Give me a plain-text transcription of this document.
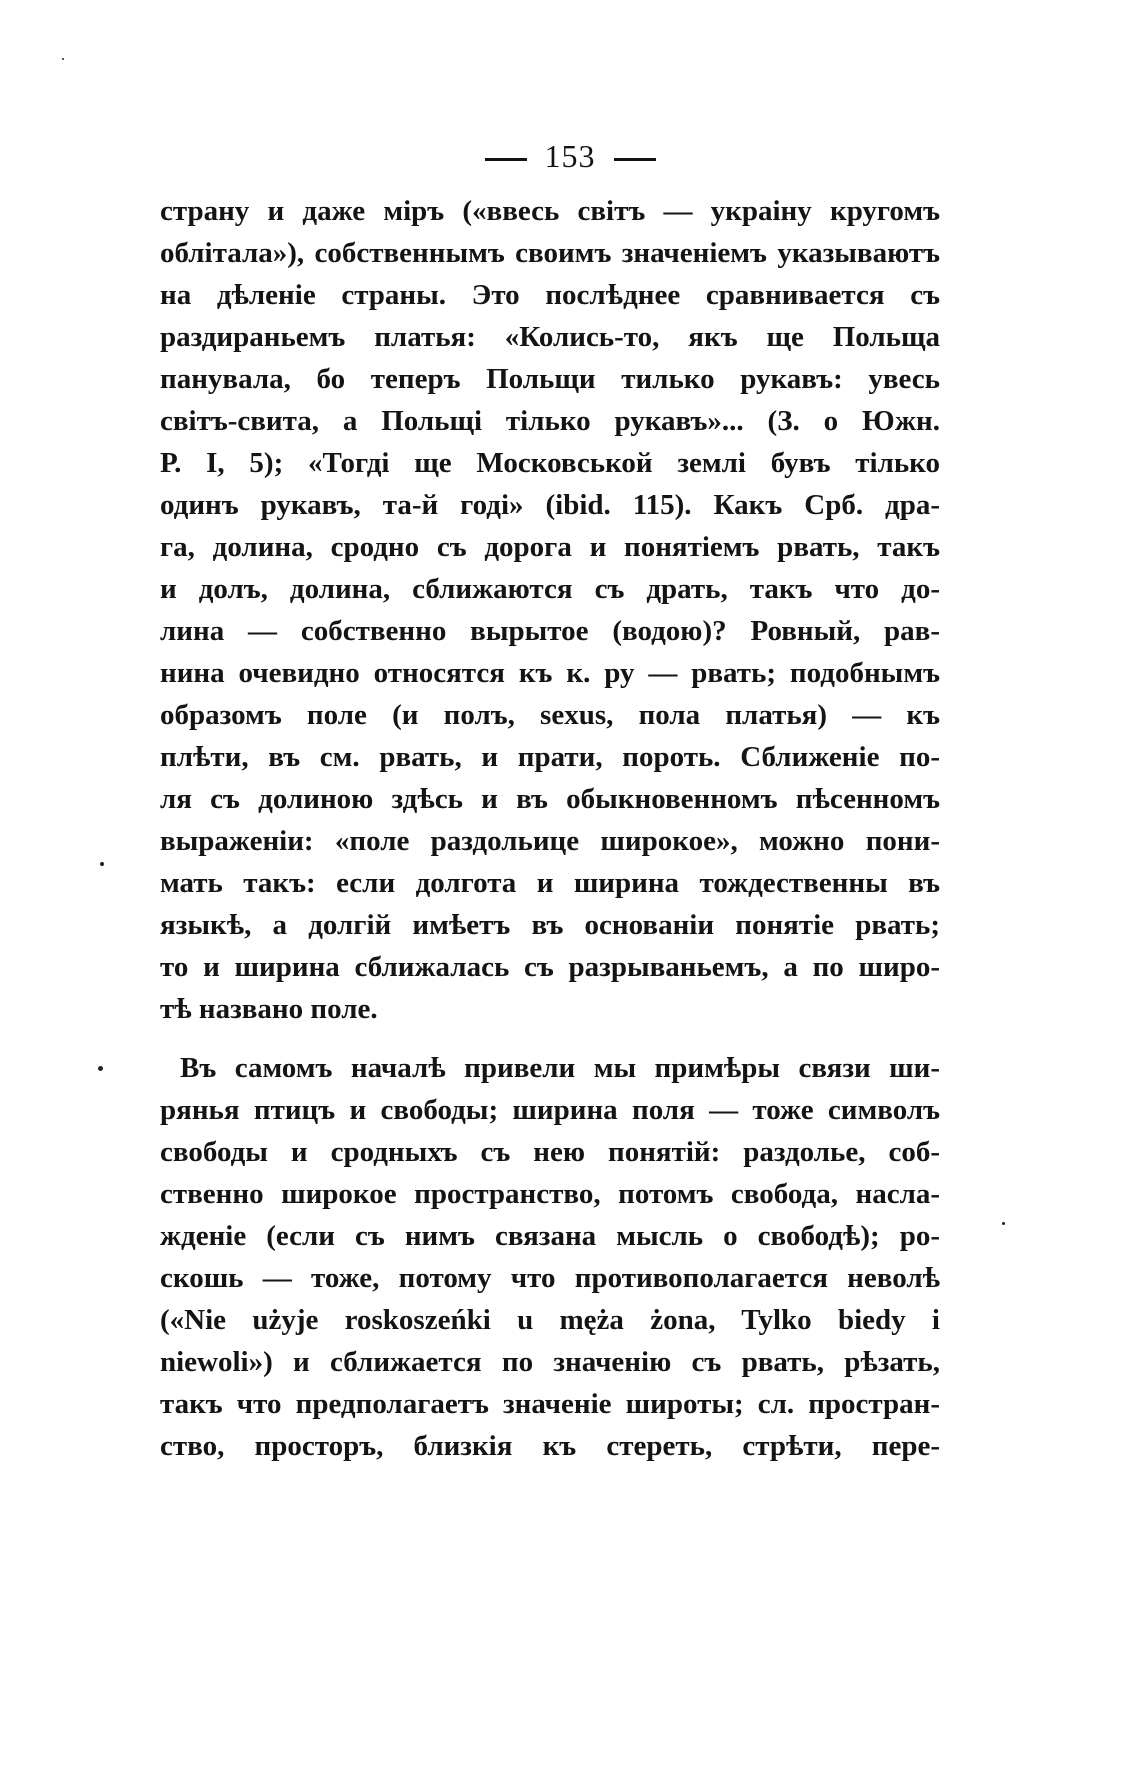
153
страну и даже міръ («ввесь світъ — украіну кругомъ
облітала»), собственнымъ своимъ значеніемъ указываютъ
на дѣленіе страны. Это послѣднее сравнивается съ
раздираньемъ платья: «Колись-то, якъ ще Польща
панувала, бо теперъ Польщи тилько рукавъ: увесь
світъ-свита, а Польщі тілько рукавъ»... (З. о Южн.
Р. І, 5); «Тогді ще Московськой землі бувъ тілько
одинъ рукавъ, та-й годі» (ibid. 115). Какъ Срб. дра-
га, долина, сродно съ дорога и понятіемъ рвать, такъ
и долъ, долина, сближаются съ драть, такъ что до-
лина — собственно вырытое (водою)? Ровный, рав-
нина очевидно относятся къ к. ру — рвать; подобнымъ
образомъ поле (и полъ, sexus, пола платья) — къ
плѣти, въ см. рвать, и прати, пороть. Сближеніе по-
ля съ долиною здѣсь и въ обыкновенномъ пѣсенномъ
выраженіи: «поле раздольице широкое», можно пони-
мать такъ: если долгота и ширина тождественны въ
языкѣ, а долгій имѣетъ въ основаніи понятіе рвать;
то и ширина сближалась съ разрываньемъ, а по широ-
тѣ названо поле.
Въ самомъ началѣ привели мы примѣры связи ши-
рянья птицъ и свободы; ширина поля — тоже символъ
свободы и сродныхъ съ нею понятій: раздолье, соб-
ственно широкое пространство, потомъ свобода, насла-
жденіе (если съ нимъ связана мысль о свободѣ); ро-
скошь — тоже, потому что противополагается неволѣ
(«Nie użyje roskoszeńki u męża żona, Tylko biedy i
niewoli») и сближается по значенію съ рвать, рѣзать,
такъ что предполагаетъ значеніе широты; сл. простран-
ство, просторъ, близкія къ стереть, стрѣти, пере-
